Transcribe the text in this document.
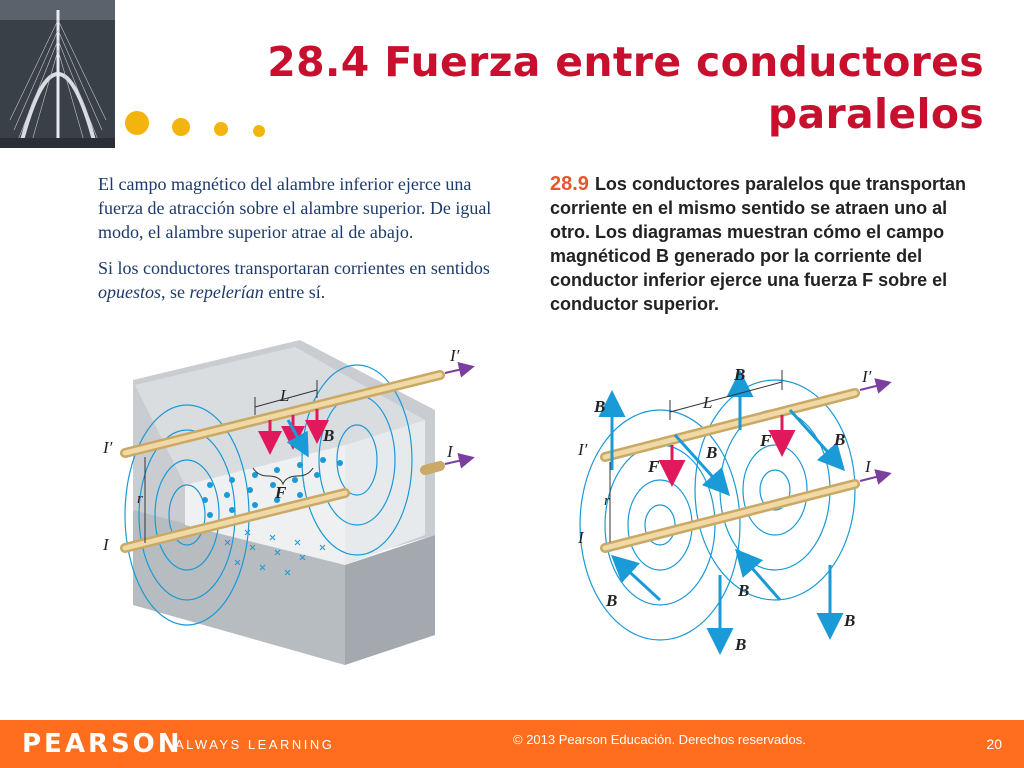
28.4 Fuerza entre conductores
paralelos

El campo magnético del alambre inferior ejerce una fuerza de atracción sobre el alambre superior. De igual modo, el alambre superior atrae al de abajo.

Si los conductores transportaran corrientes en sentidos opuestos, se repelerían entre sí.

28.9 Los conductores paralelos que transportan corriente en el mismo sentido se atraen uno al otro. Los diagramas muestran cómo el campo magnéticod B generado por la corriente del conductor inferior ejerce una fuerza F sobre el conductor superior.
I′
I′	I
I
L
r
B
F
I′
I′
I
I
L
r
B
B
B
B
B
B
B
B
F
F
PEARSON
ALWAYS LEARNING	© 2013 Pearson Educación. Derechos reservados.	20
